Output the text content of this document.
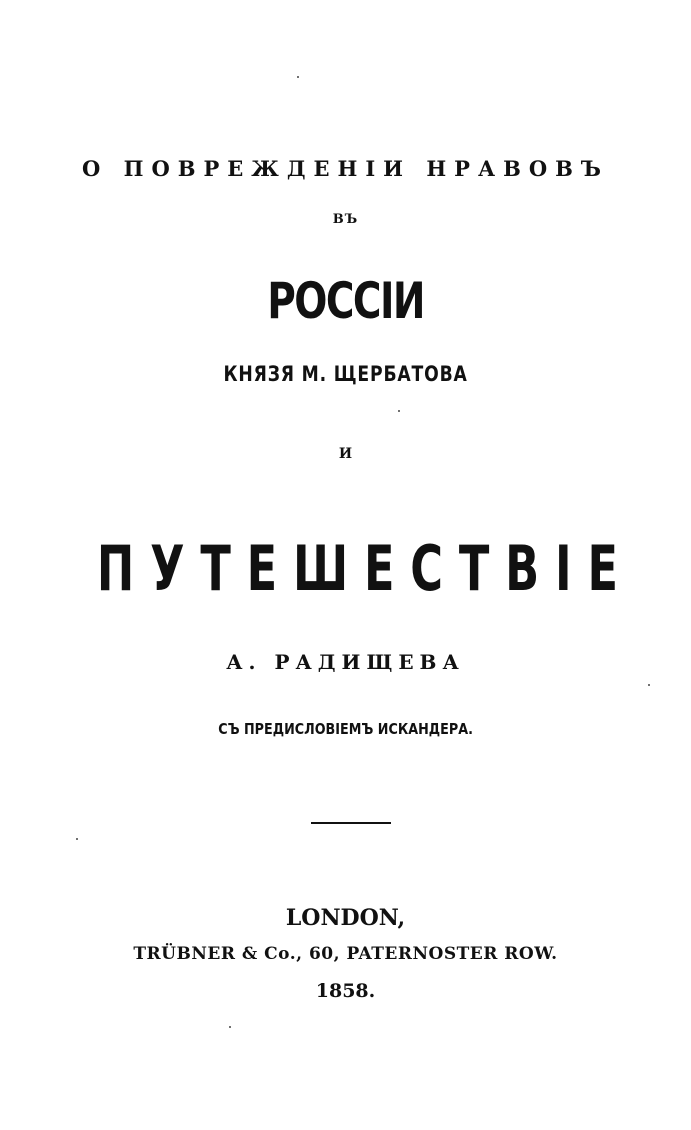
О ПОВРЕЖДЕНІИ НРАВОВЪ
ВЪ
РОССІИ
КНЯЗЯ М. ЩЕРБАТОВА
И
ПУТЕШЕСТВІЕ
А. РАДИЩЕВА
СЪ ПРЕДИСЛОВІЕМЪ ИСКАНДЕРА.
LONDON,
TRÜBNER & Co., 60, PATERNOSTER ROW.
1858.
